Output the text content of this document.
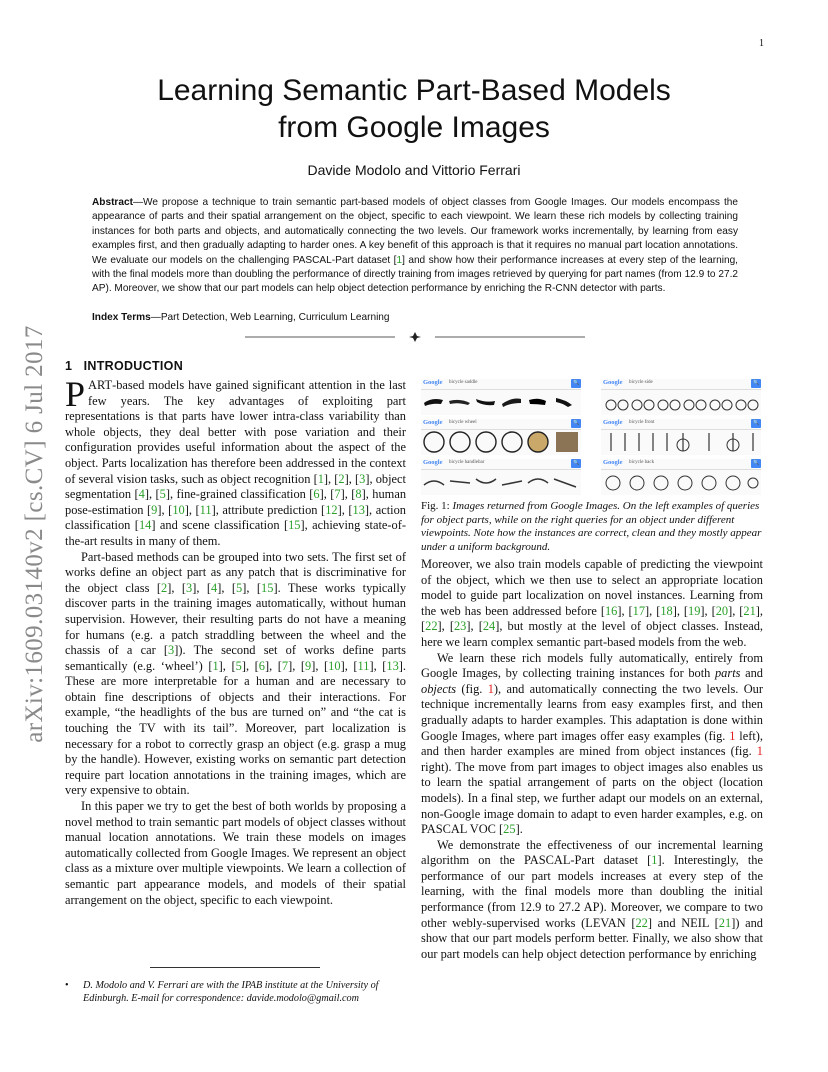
1
arXiv:1609.03140v2 [cs.CV] 6 Jul 2017
Learning Semantic Part-Based Models
from Google Images
Davide Modolo and Vittorio Ferrari
Abstract—We propose a technique to train semantic part-based models of object classes from Google Images. Our models encompass the appearance of parts and their spatial arrangement on the object, specific to each viewpoint. We learn these rich models by collecting training instances for both parts and objects, and automatically connecting the two levels. Our framework works incrementally, by learning from easy examples first, and then gradually adapting to harder ones. A key benefit of this approach is that it requires no manual part location annotations. We evaluate our models on the challenging PASCAL-Part dataset [1] and show how their performance increases at every step of the learning, with the final models more than doubling the performance of directly training from images retrieved by querying for part names (from 12.9 to 27.2 AP). Moreover, we show that our part models can help object detection performance by enriching the R-CNN detector with parts.
Index Terms—Part Detection, Web Learning, Curriculum Learning
1 INTRODUCTION

PART-based models have gained significant attention in the last few years. The key advantages of exploiting part representations is that parts have lower intra-class variability than whole objects, they deal better with pose variation and their configuration provides useful information about the aspect of the object. Parts localization has therefore been addressed in the context of several vision tasks, such as object recognition [1], [2], [3], object segmentation [4], [5], fine-grained classification [6], [7], [8], human pose-estimation [9], [10], [11], attribute prediction [12], [13], action classification [14] and scene classification [15], achieving state-of-the-art results in many of them.

Part-based methods can be grouped into two sets. The first set of works define an object part as any patch that is discriminative for the object class [2], [3], [4], [5], [15]. These works typically discover parts in the training images automatically, without human supervision. However, their resulting parts do not have a meaning for humans (e.g. a patch straddling between the wheel and the chassis of a car [3]). The second set of works define parts semantically (e.g. ‘wheel’) [1], [5], [6], [7], [9], [10], [11], [13]. These are more interpretable for a human and are necessary to obtain fine descriptions of objects and their interactions. For example, “the headlights of the bus are turned on” and “the cat is touching the TV with its tail”. Moreover, part localization is necessary for a robot to correctly grasp an object (e.g. grasp a mug by the handle). However, existing works on semantic part detection require part location annotations in the training images, which are very expensive to obtain.

In this paper we try to get the best of both worlds by proposing a novel method to train semantic part models of object classes without manual location annotations. We train these models on images automatically collected from Google Images. We represent an object class as a mixture over multiple viewpoints. We learn a collection of semantic part appearance models, and models of their spatial arrangement on the object, specific to each viewpoint.

Google bicycle saddle 🔍	Google bicycle side
🔍
Google bicycle wheel 🔍	Google bicycle front
🔍
Google bicycle handlebar 🔍	Google bicycle back
🔍
Fig. 1: Images returned from Google Images. On the left examples of queries for object parts, while on the right queries for an object under different viewpoints. Note how the instances are correct, clean and they mostly appear under a uniform background.

Moreover, we also train models capable of predicting the viewpoint of the object, which we then use to select an appropriate location model to guide part localization on novel instances. Learning from the web has been addressed before [16], [17], [18], [19], [20], [21], [22], [23], [24], but mostly at the level of object classes. Instead, here we learn complex semantic part-based models from the web.

We learn these rich models fully automatically, entirely from Google Images, by collecting training instances for both parts and objects (fig. 1), and automatically connecting the two levels. Our technique incrementally learns from easy examples first, and then gradually adapts to harder examples. This adaptation is done within Google Images, where part images offer easy examples (fig. 1 left), and then harder examples are mined from object instances (fig. 1 right). The move from part images to object images also enables us to learn the spatial arrangement of parts on the object (location models). In a final step, we further adapt our models on an external, non-Google image domain to adapt to even harder examples, e.g. on PASCAL VOC [25].

We demonstrate the effectiveness of our incremental learning algorithm on the PASCAL-Part dataset [1]. Interestingly, the performance of our part models increases at every step of the learning, with the final models more than doubling the initial performance (from 12.9 to 27.2 AP). Moreover, we compare to two other webly-supervised works (LEVAN [22] and NEIL [21]) and show that our part models perform better. Finally, we also show that our part models can help object detection performance by enriching

• D. Modolo and V. Ferrari are with the IPAB institute at the University of Edinburgh. E-mail for correspondence: davide.modolo@gmail.com
